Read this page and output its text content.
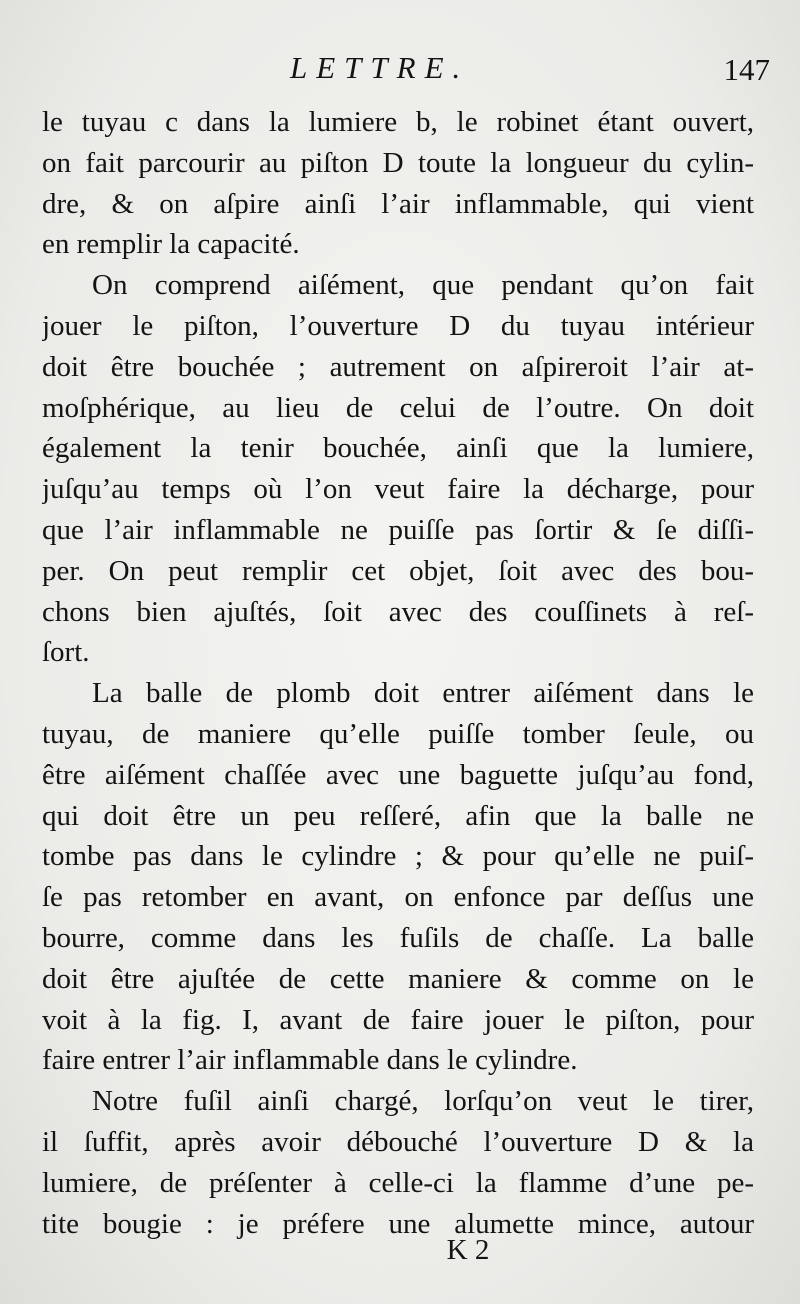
LETTRE.	147
le tuyau c dans la lumiere b, le robinet étant ouvert,
on fait parcourir au piſton D toute la longueur du cylin-
dre, & on aſpire ainſi l’air inflammable, qui vient
en remplir la capacité.
On comprend aiſément, que pendant qu’on fait
jouer le piſton, l’ouverture D du tuyau intérieur
doit être bouchée ; autrement on aſpireroit l’air at-
moſphérique, au lieu de celui de l’outre. On doit
également la tenir bouchée, ainſi que la lumiere,
juſqu’au temps où l’on veut faire la décharge, pour
que l’air inflammable ne puiſſe pas ſortir & ſe diſſi-
per. On peut remplir cet objet, ſoit avec des bou-
chons bien ajuſtés, ſoit avec des couſſinets à reſ-
ſort.
La balle de plomb doit entrer aiſément dans le
tuyau, de maniere qu’elle puiſſe tomber ſeule, ou
être aiſément chaſſée avec une baguette juſqu’au fond,
qui doit être un peu reſſeré, afin que la balle ne
tombe pas dans le cylindre ; & pour qu’elle ne puiſ-
ſe pas retomber en avant, on enfonce par deſſus une
bourre, comme dans les fuſils de chaſſe. La balle
doit être ajuſtée de cette maniere & comme on le
voit à la fig. I, avant de faire jouer le piſton, pour
faire entrer l’air inflammable dans le cylindre.
Notre fuſil ainſi chargé, lorſqu’on veut le tirer,
il ſuffit, après avoir débouché l’ouverture D & la
lumiere, de préſenter à celle-ci la flamme d’une pe-
tite bougie : je préfere une alumette mince, autour
K 2
